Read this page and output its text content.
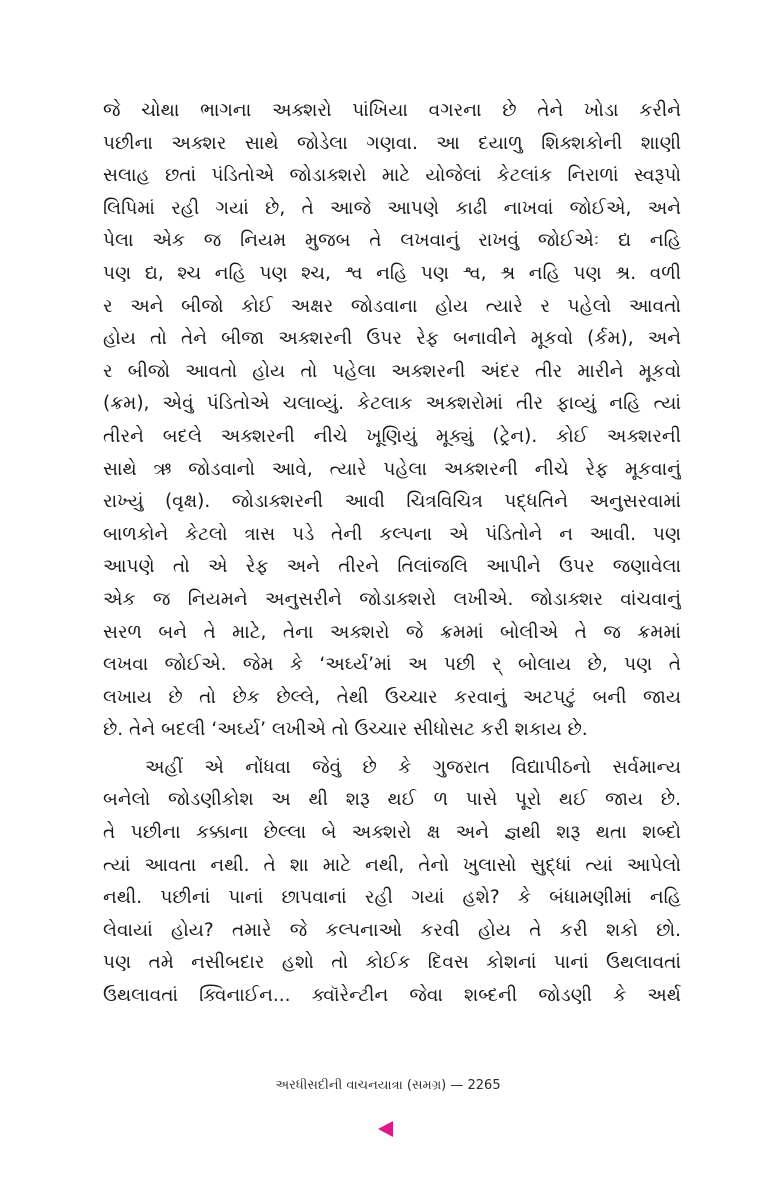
જે ચોથા ભાગના અક્શરો પાંખિયા વગરના છે તેને ખોડા કરીને
પછીના અક્શર સાથે જોડેલા ગણવા. આ દયાળુ શિક્શકોની શાણી
સલાહ છતાં પંડિતોએ જોડાક્શરો માટે યોજેલાં કેટલાંક નિરાળાં સ્વરૂપો
લિપિમાં રહી ગયાં છે, તે આજે આપણે કાઢી નાખવાં જોઈએ, અને
પેલા એક જ નિયમ મુજબ તે લખવાનું રાખવું જોઈએઃ દ્ય નહિ
પણ દ્ય, શ્ચ નહિ પણ શ્ચ, શ્વ નહિ પણ શ્વ, શ્ર નહિ પણ શ્ર. વળી
ર અને બીજો કોઈ અક્ષર જોડવાના હોય ત્યારે ર પહેલો આવતો
હોય તો તેને બીજા અક્શરની ઉપર રેફ બનાવીને મૂકવો (ર્કમ), અને
ર બીજો આવતો હોય તો પહેલા અક્શરની અંદર તીર મારીને મૂકવો
(ક્રમ), એવું પંડિતોએ ચલાવ્યું. કેટલાક અક્શરોમાં તીર ફાવ્યું નહિ ત્યાં
તીરને બદલે અક્શરની નીચે ખૂણિયું મૂક્યું (ટ્રેન). કોઈ અક્શરની
સાથે ઋ જોડવાનો આવે, ત્યારે પહેલા અક્શરની નીચે રેફ મૂકવાનું
રાખ્યું (વૃક્ષ). જોડાક્શરની આવી ચિત્રવિચિત્ર પદ્ધતિને અનુસરવામાં
બાળકોને કેટલો ત્રાસ પડે તેની કલ્પના એ પંડિતોને ન આવી. પણ
આપણે તો એ રેફ અને તીરને તિલાંજલિ આપીને ઉપર જણાવેલા
એક જ નિયમને અનુસરીને જોડાક્શરો લખીએ. જોડાક્શર વાંચવાનું
સરળ બને તે માટે, તેના અક્શરો જે ક્રમમાં બોલીએ તે જ ક્રમમાં
લખવા જોઈએ. જેમ કે ‘અર્ઘ્ય’માં અ પછી ર્ બોલાય છે, પણ તે
લખાય છે તો છેક છેલ્લે, તેથી ઉચ્ચાર કરવાનું અટપટું બની જાય
છે. તેને બદલી ‘અર્ઘ્ય’ લખીએ તો ઉચ્ચાર સીધોસટ કરી શકાય છે.
અહીં એ નોંધવા જેવું છે કે ગુજરાત વિદ્યાપીઠનો સર્વમાન્ય
બનેલો જોડણીકોશ અ થી શરૂ થઈ ળ પાસે પૂરો થઈ જાય છે.
તે પછીના કક્કાના છેલ્લા બે અક્શરો ક્ષ અને જ્ઞથી શરૂ થતા શબ્દો
ત્યાં આવતા નથી. તે શા માટે નથી, તેનો ખુલાસો સુદ્ધાં ત્યાં આપેલો
નથી. પછીનાં પાનાં છાપવાનાં રહી ગયાં હશે? કે બંધામણીમાં નહિ
લેવાયાં હોય? તમારે જે કલ્પનાઓ કરવી હોય તે કરી શકો છો.
પણ તમે નસીબદાર હશો તો કોઈક દિવસ કોશનાં પાનાં ઉથલાવતાં
ઉથલાવતાં ક્વિનાઈન... ક્વૉરેન્ટીન જેવા શબ્દની જોડણી કે અર્થ
અરધીસદીની વાચનયાત્રા (સમગ્ર) — 2265
